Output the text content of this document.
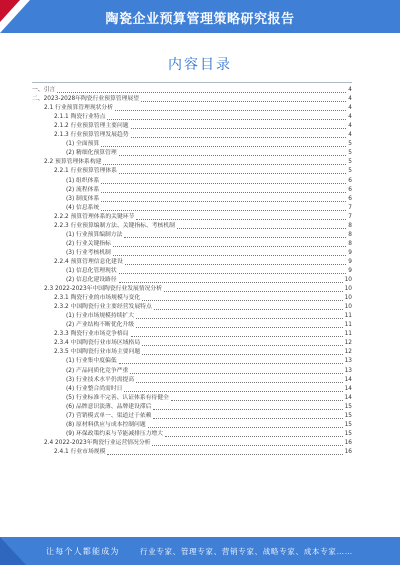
陶瓷企业预算管理策略研究报告
内容目录
一、引言	4
二、2023-2028年陶瓷行业预算管理展望	4
2.1 行业预算管理现状分析	4
2.1.1 陶瓷行业特点	4
2.1.2 行业预算管理主要问题	4
2.1.3 行业预算管理发展趋势	4
(1) 全面预算	5
(2) 精细化预算管理	5
2.2 预算管理体系构建	5
2.2.1 行业预算管理体系	5
(1) 组织体系	6
(2) 流程体系	6
(3) 制度体系	6
(4) 信息系统	7
2.2.2 预算管理体系的关键环节	7
2.2.3 行业预算编制方法、关键指标、考核机制	8
(1) 行业预算编制方法	8
(2) 行业关键指标	8
(3) 行业考核机制	9
2.2.4 预算管理信息化建设	9
(1) 信息化管理现状	9
(2) 信息化建设路径	10
2.3 2022-2023年中国陶瓷行业发展情况分析	10
2.3.1 陶瓷行业的市场规模与变化	10
2.3.2 中国陶瓷行业主要经营发展特点	10
(1) 行业市场规模持续扩大	11
(2) 产业结构不断优化升级	11
2.3.3 陶瓷行业市场竞争格局	11
2.3.4 中国陶瓷行业市场区域格局	12
2.3.5 中国陶瓷行业市场主要问题	12
(1) 行业集中度偏低	13
(2) 产品同质化竞争严重	13
(3) 行业技术水平仍需提高	14
(4) 行业整合尚需时日	14
(5) 行业标准不完善、认证体系有待健全	14
(6) 品牌意识淡薄、品牌建设滞后	15
(7) 营销模式单一、渠道过于依赖	15
(8) 原材料供应与成本控制问题	15
(9) 环保政策约束与节能减排压力增大	15
2.4 2022-2023年陶瓷行业运营情况分析	16
2.4.1 行业市场规模	16
让每个人都能成为	行业专家、管理专家、营销专家、战略专家、成本专家……
